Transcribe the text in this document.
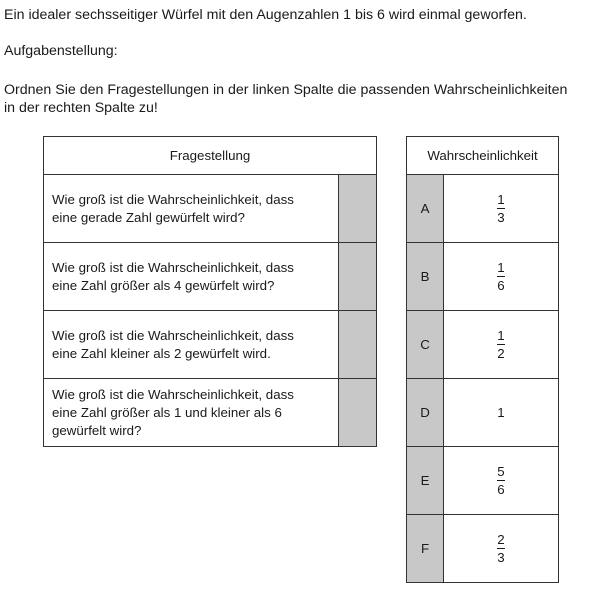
Ein idealer sechsseitiger Würfel mit den Augenzahlen 1 bis 6 wird einmal geworfen.

Aufgabenstellung:

Ordnen Sie den Fragestellungen in der linken Spalte die passenden Wahrscheinlichkeiten

in der rechten Spalte zu!

Fragestellung	
Wie groß ist die Wahrscheinlichkeit, dass
eine gerade Zahl gewürfelt wird?	
Wie groß ist die Wahrscheinlichkeit, dass
eine Zahl größer als 4 gewürfelt wird?	
Wie groß ist die Wahrscheinlichkeit, dass
eine Zahl kleiner als 2 gewürfelt wird.	
Wie groß ist die Wahrscheinlichkeit, dass
eine Zahl größer als 1 und kleiner als 6
gewürfelt wird?	
Wahrscheinlichkeit	
A	$\frac{1}{3}$

B	$\frac{1}{6}$

C	$\frac{1}{2}$

D	1
E	$\frac{5}{6}$

F	$\frac{2}{3}$
